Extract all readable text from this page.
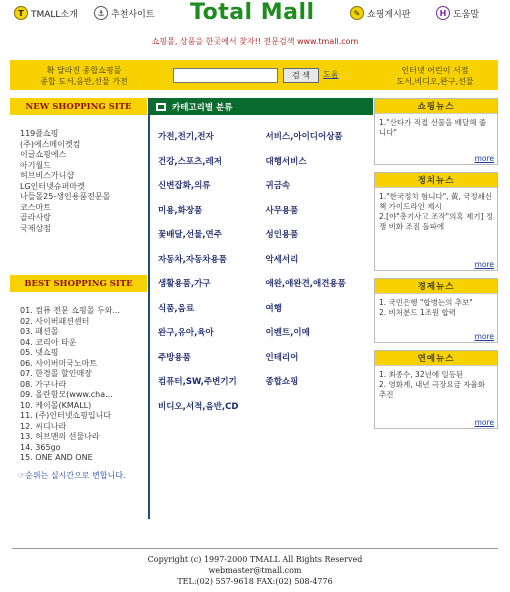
T TMALL소개	⚓ 추천사이트 Total Mall	✎ 쇼핑게시판	H 도움말
쇼핑몰, 상품을 한곳에서 찾자!! 전문검색 www.tmall.com
확 달라진 종합쇼핑몰
종합 도서,음반,선물 가전
검 색	도움	인터넷 어린이 서점
도서,비디오,완구,선물
NEW SHOPPING SITE
119플쇼핑
(주)에스메이켓컴
이글쇼핑에스
아기월드
허브비스가니샵
LG인터넷슈퍼마켓
나들몰25-생인용품전문몰
코스마트
골라사랑
국제상점
BEST SHOPPING SITE
01. 컴퓨 전문 쇼핑몰 두와...
02. 사이버패션센터
03. 패션몰
04. 코리아 타운
05. 넷쇼핑
06. 사이버미국노마트
07. 한경몰 할인매장
08. 가구나라
09. 올란함모(www.cha...
10. 케이몰(KMALL)
11. (주)인터넷쇼핑입니다
12. 씨디나라
13. 허브맨의 선물나라
14. 365go
15. ONE AND ONE
☞순위는 실시간으로 변합니다.
카테고리별 분류
가전,전기,전자	서비스,아이디어상품
건강,스포츠,레저	대행서비스
신변잡화,의류	귀금속
미용,화장품	사무용품
꽃배달,선물,연주	성인용품
자동차,자동차용품	악세서리
생활용품,가구	애완,애완견,애견용품
식품,음료	여행
완구,유아,육아	이벤트,이메
주방용품	인테리어
컴퓨터,SW,주변기기	종합쇼핑
비디오,서적,음반,CD
쇼핑뉴스
1."산타가 직접 선물을 배달해 줍니다"
more
정치뉴스
1."한국정치 혐니다", 黃, 국정쇄신책 가이드라인 제시
2.[야"총기사고 조작"의혹 제기] 정쟁 비화 조짐 돌파에
more
경제뉴스
1. 국민은행 "합병는의 추보"
2. 비처분드 1조원 합력
more
연예뉴스
1. 최종수, 32년에 일등된
2. 영화계, 내년 극장요금 자율화 추진
more
Copyright (c) 1997-2000 TMALL All Rights Reserved
webmaster@tmall.com
TEL:(02) 557-9618 FAX:(02) 508-4776
